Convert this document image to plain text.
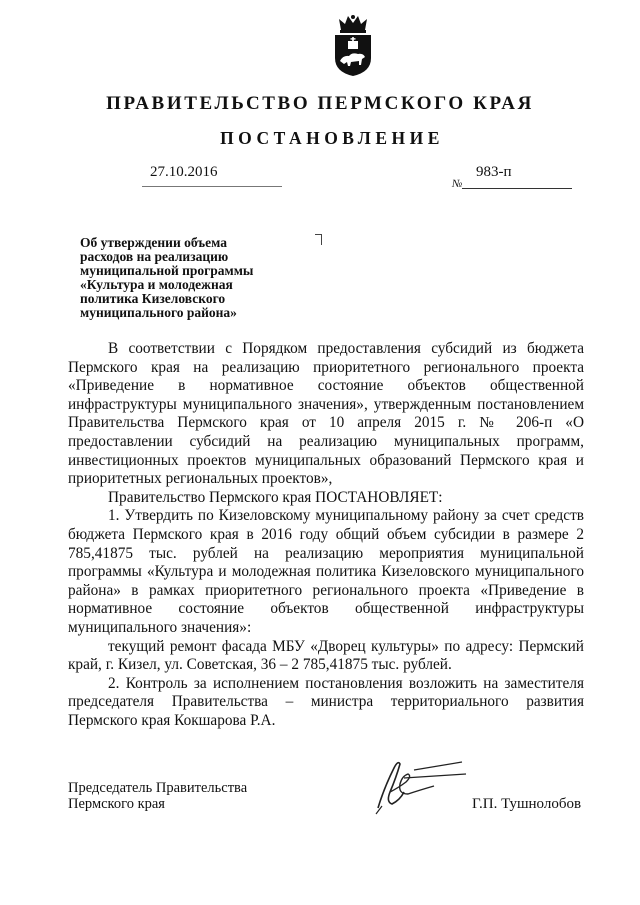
ПРАВИТЕЛЬСТВО ПЕРМСКОГО КРАЯ
ПОСТАНОВЛЕНИЕ
27.10.2016
№
983-п

Об утверждении объема
расходов на реализацию
муниципальной программы
«Культура и молодежная
политика Кизеловского
муниципального района»

В соответствии с Порядком предоставления субсидий из бюджета Пермского края на реализацию приоритетного регионального проекта «Приведение в нормативное состояние объектов общественной инфраструктуры муниципального значения», утвержденным постановлением Правительства Пермского края от 10 апреля 2015 г. № 206-п «О предоставлении субсидий на реализацию муниципальных программ, инвестиционных проектов муниципальных образований Пермского края и приоритетных региональных проектов»,

Правительство Пермского края ПОСТАНОВЛЯЕТ:

1. Утвердить по Кизеловскому муниципальному району за счет средств бюджета Пермского края в 2016 году общий объем субсидии в размере 2 785,41875 тыс. рублей на реализацию мероприятия муниципальной программы «Культура и молодежная политика Кизеловского муниципального района» в рамках приоритетного регионального проекта «Приведение в нормативное состояние объектов общественной инфраструктуры муниципального значения»:

текущий ремонт фасада МБУ «Дворец культуры» по адресу: Пермский край, г. Кизел, ул. Советская, 36 – 2 785,41875 тыс. рублей.

2. Контроль за исполнением постановления возложить на заместителя председателя Правительства – министра территориального развития Пермского края Кокшарова Р.А.

Председатель Правительства
Пермского края	Г.П. Тушнолобов
